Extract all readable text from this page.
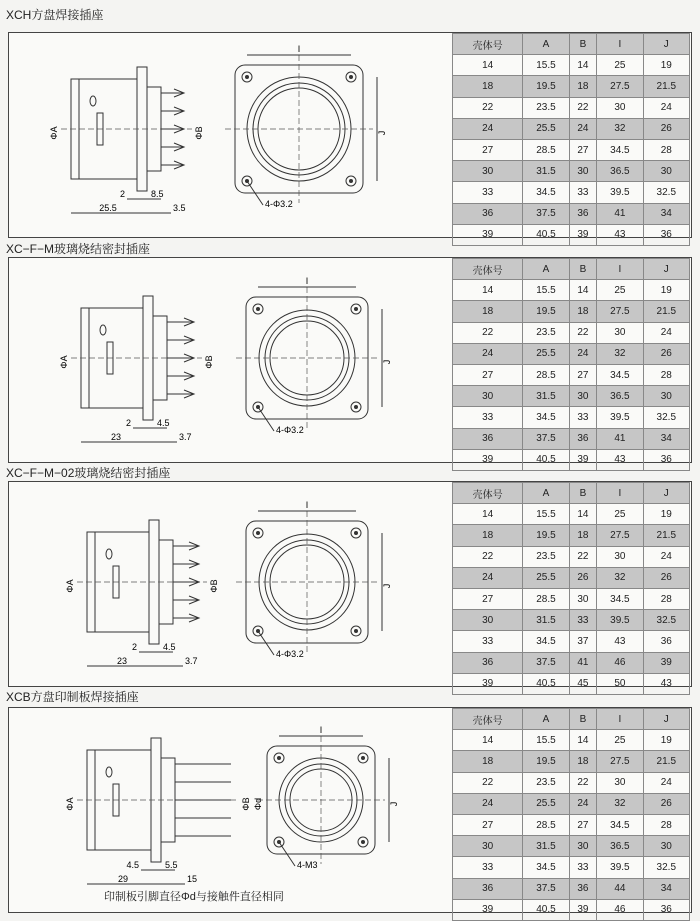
XCH方盘焊接插座
XC−F−M玻璃烧结密封插座
XC−F−M−02玻璃烧结密封插座
XCB方盘印制板焊接插座
ΦA	ΦB
2	8.5
25.5	3.5
I
J
4-Φ3.2
壳体号	A	B	I	J
14	15.5	14	25	19
18	19.5	18	27.5	21.5
22	23.5	22	30	24
24	25.5	24	32	26
27	28.5	27	34.5	28
30	31.5	30	36.5	30
33	34.5	33	39.5	32.5
36	37.5	36	41	34
39	40.5	39	43	36
ΦA	ΦB
2	4.5
23	3.7
I
J
4-Φ3.2
壳体号	A	B	I	J
14	15.5	14	25	19
18	19.5	18	27.5	21.5
22	23.5	22	30	24
24	25.5	24	32	26
27	28.5	27	34.5	28
30	31.5	30	36.5	30
33	34.5	33	39.5	32.5
36	37.5	36	41	34
39	40.5	39	43	36
ΦA	ΦB
2	4.5
23	3.7
I
J
4-Φ3.2
壳体号	A	B	I	J
14	15.5	14	25	19
18	19.5	18	27.5	21.5
22	23.5	22	30	24
24	25.5	26	32	26
27	28.5	30	34.5	28
30	31.5	33	39.5	32.5
33	34.5	37	43	36
36	37.5	41	46	39
39	40.5	45	50	43
ΦA	ΦB
4.5	5.5
29	15
I
J
4-M3
Φd
壳体号	A	B	I	J
14	15.5	14	25	19
18	19.5	18	27.5	21.5
22	23.5	22	30	24
24	25.5	24	32	26
27	28.5	27	34.5	28
30	31.5	30	36.5	30
33	34.5	33	39.5	32.5
36	37.5	36	44	34
39	40.5	39	46	36
印制板引脚直径Φd与接触件直径相同
